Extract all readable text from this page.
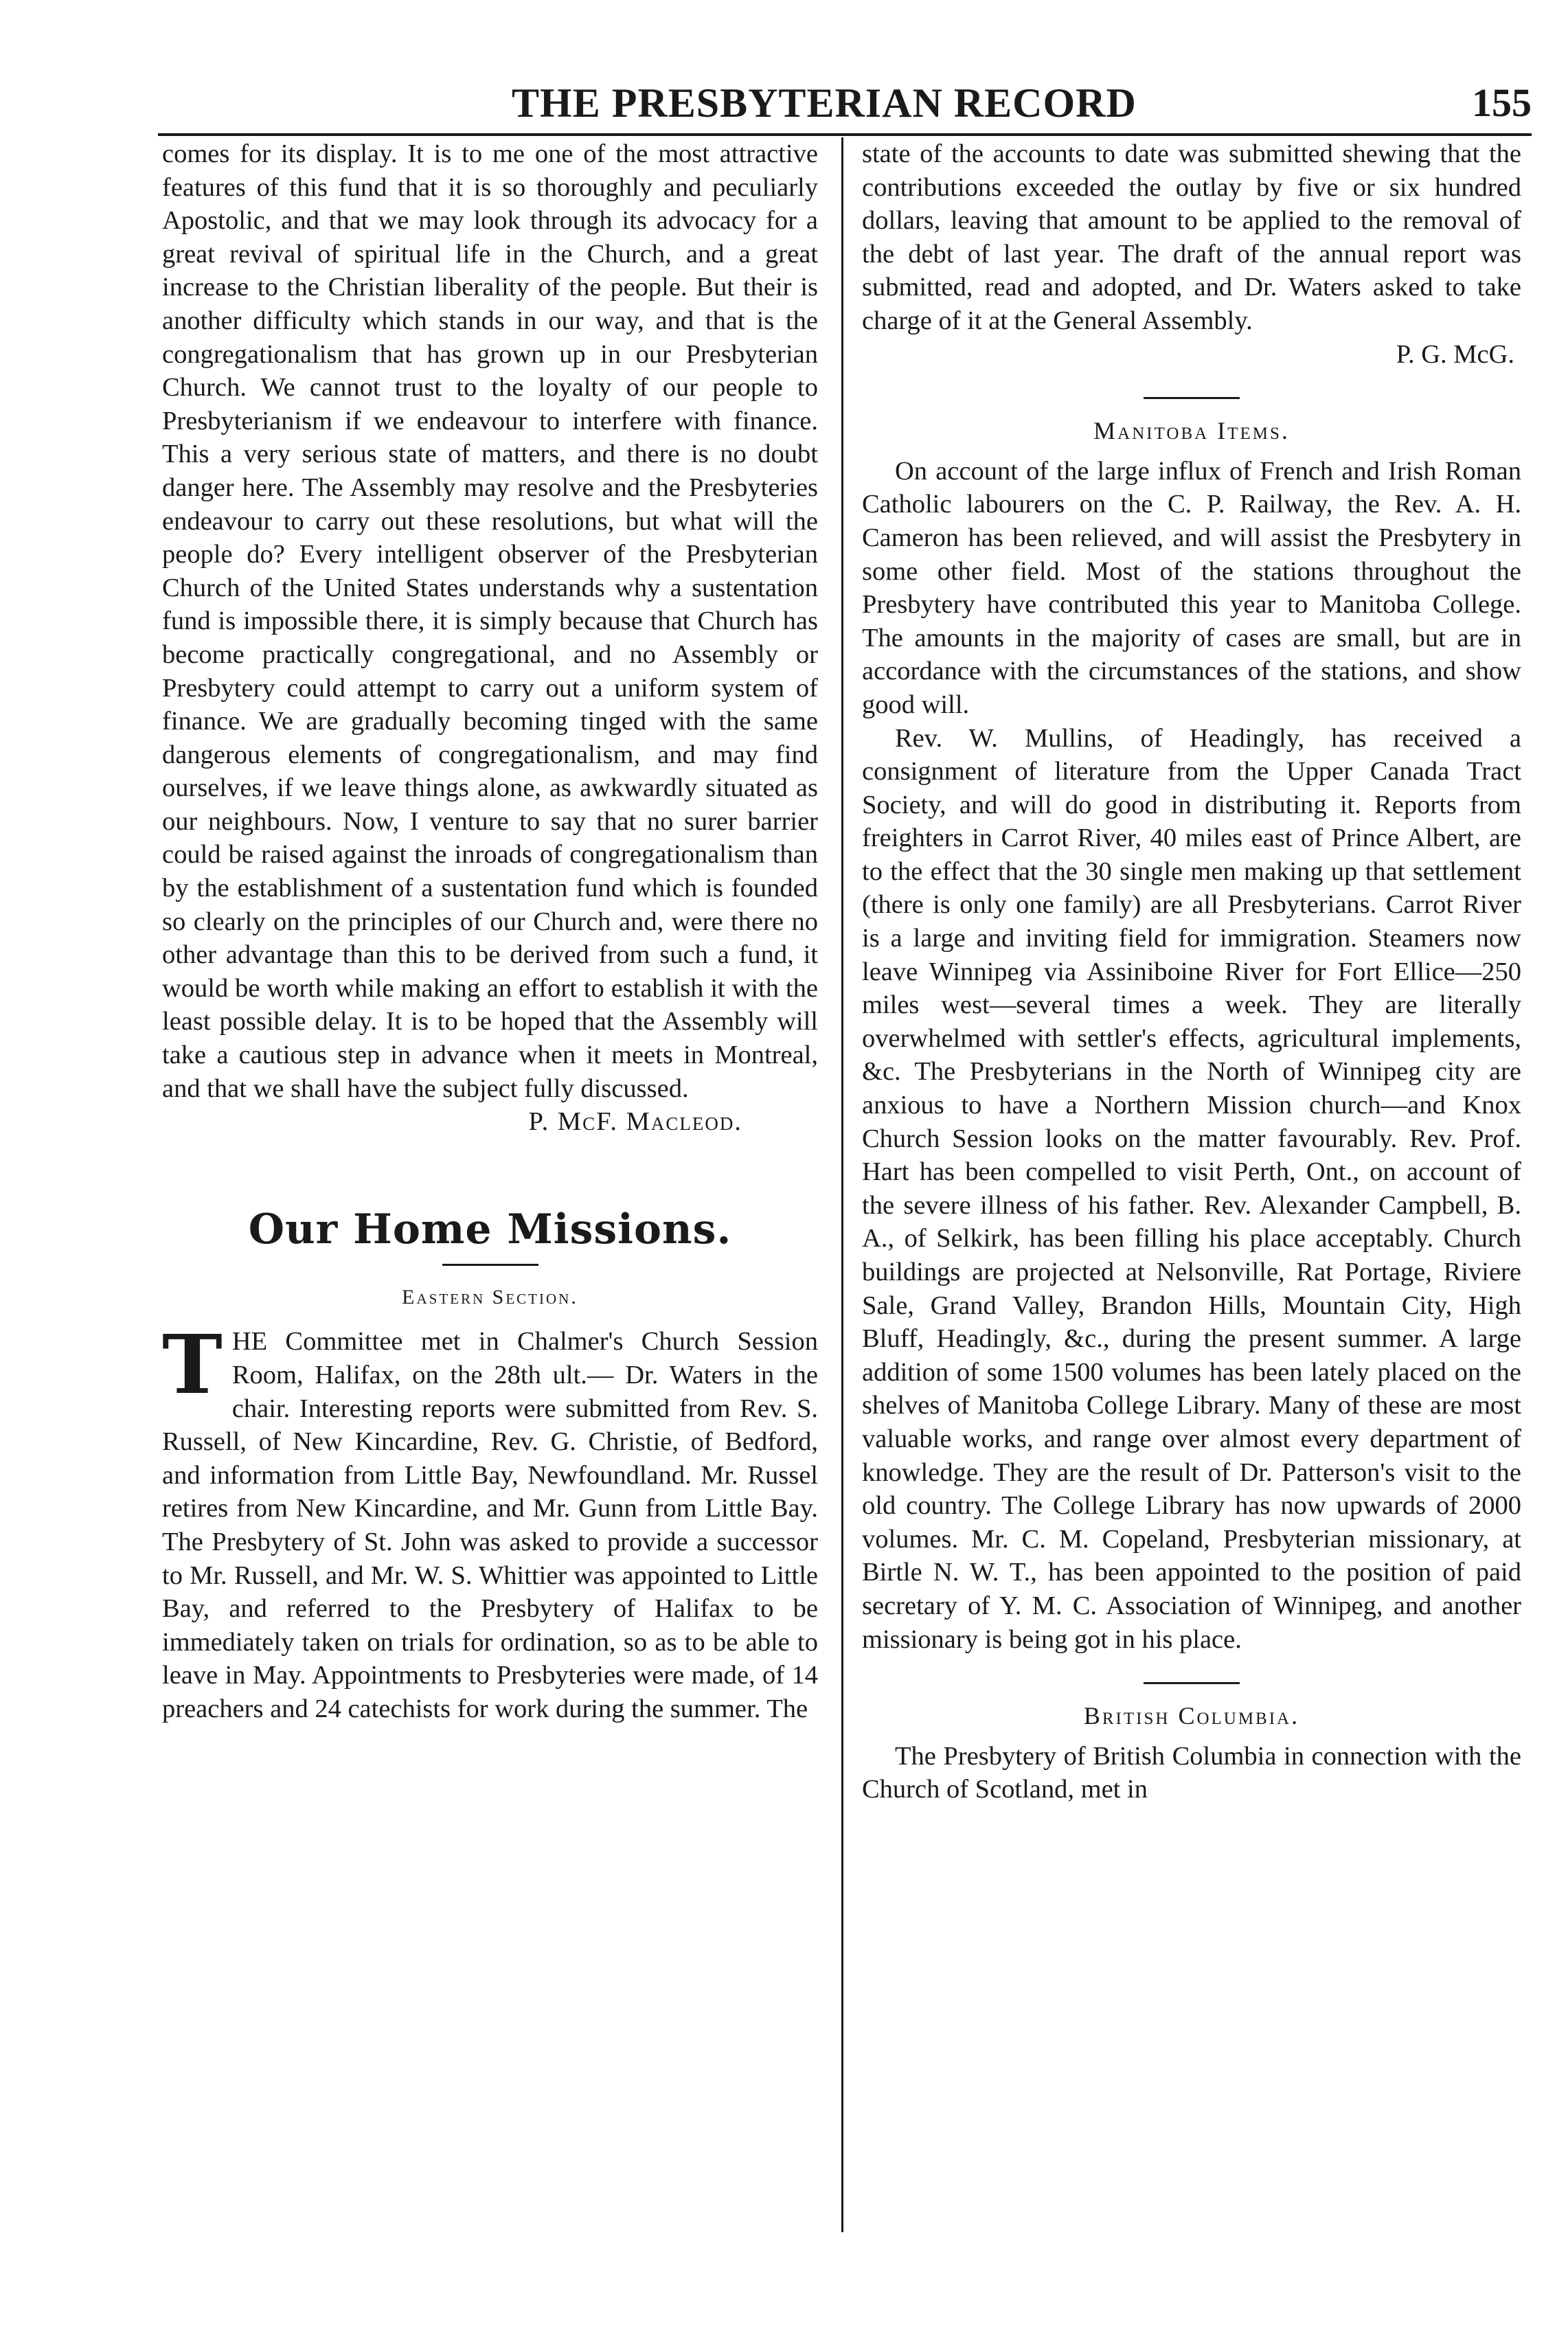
THE PRESBYTERIAN RECORD	155

comes for its display. It is to me one of the most attractive features of this fund that it is so thoroughly and peculiarly Apostolic, and that we may look through its advocacy for a great revival of spiritual life in the Church, and a great increase to the Christian liberality of the people. But their is another difficulty which stands in our way, and that is the congregationalism that has grown up in our Presbyterian Church. We cannot trust to the loyalty of our people to Presbyterianism if we endeavour to interfere with finance. This a very serious state of matters, and there is no doubt danger here. The Assembly may resolve and the Presbyteries endeavour to carry out these resolutions, but what will the people do? Every intelligent observer of the Presbyterian Church of the United States understands why a sustentation fund is impossible there, it is simply because that Church has become practically congregational, and no Assembly or Presbytery could attempt to carry out a uniform system of finance. We are gradually becoming tinged with the same dangerous elements of congregationalism, and may find ourselves, if we leave things alone, as awkwardly situated as our neighbours. Now, I venture to say that no surer barrier could be raised against the inroads of congregationalism than by the establishment of a sustentation fund which is founded so clearly on the principles of our Church and, were there no other advantage than this to be derived from such a fund, it would be worth while making an effort to establish it with the least possible delay. It is to be hoped that the Assembly will take a cautious step in advance when it meets in Montreal, and that we shall have the subject fully discussed.

P. McF. Macleod.

Our Home Missions.

Eastern Section.

THE Committee met in Chalmer's Church Session Room, Halifax, on the 28th ult.— Dr. Waters in the chair. Interesting reports were submitted from Rev. S. Russell, of New Kincardine, Rev. G. Christie, of Bedford, and information from Little Bay, Newfoundland. Mr. Russel retires from New Kincardine, and Mr. Gunn from Little Bay. The Presbytery of St. John was asked to provide a successor to Mr. Russell, and Mr. W. S. Whittier was appointed to Little Bay, and referred to the Presbytery of Halifax to be immediately taken on trials for ordination, so as to be able to leave in May. Appointments to Presbyteries were made, of 14 preachers and 24 catechists for work during the summer. The

state of the accounts to date was submitted shewing that the contributions exceeded the outlay by five or six hundred dollars, leaving that amount to be applied to the removal of the debt of last year. The draft of the annual report was submitted, read and adopted, and Dr. Waters asked to take charge of it at the General Assembly.

P. G. McG.

Manitoba Items.

On account of the large influx of French and Irish Roman Catholic labourers on the C. P. Railway, the Rev. A. H. Cameron has been relieved, and will assist the Presbytery in some other field. Most of the stations throughout the Presbytery have contributed this year to Manitoba College. The amounts in the majority of cases are small, but are in accordance with the circumstances of the stations, and show good will.

Rev. W. Mullins, of Headingly, has received a consignment of literature from the Upper Canada Tract Society, and will do good in distributing it. Reports from freighters in Carrot River, 40 miles east of Prince Albert, are to the effect that the 30 single men making up that settlement (there is only one family) are all Presbyterians. Carrot River is a large and inviting field for immigration. Steamers now leave Winnipeg via Assiniboine River for Fort Ellice—250 miles west—several times a week. They are literally overwhelmed with settler's effects, agricultural implements, &c. The Presbyterians in the North of Winnipeg city are anxious to have a Northern Mission church—and Knox Church Session looks on the matter favourably. Rev. Prof. Hart has been compelled to visit Perth, Ont., on account of the severe illness of his father. Rev. Alexander Campbell, B. A., of Selkirk, has been filling his place acceptably. Church buildings are projected at Nelsonville, Rat Portage, Riviere Sale, Grand Valley, Brandon Hills, Mountain City, High Bluff, Headingly, &c., during the present summer. A large addition of some 1500 volumes has been lately placed on the shelves of Manitoba College Library. Many of these are most valuable works, and range over almost every department of knowledge. They are the result of Dr. Patterson's visit to the old country. The College Library has now upwards of 2000 volumes. Mr. C. M. Copeland, Presbyterian missionary, at Birtle N. W. T., has been appointed to the position of paid secretary of Y. M. C. Association of Winnipeg, and another missionary is being got in his place.

British Columbia.

The Presbytery of British Columbia in connection with the Church of Scotland, met in
